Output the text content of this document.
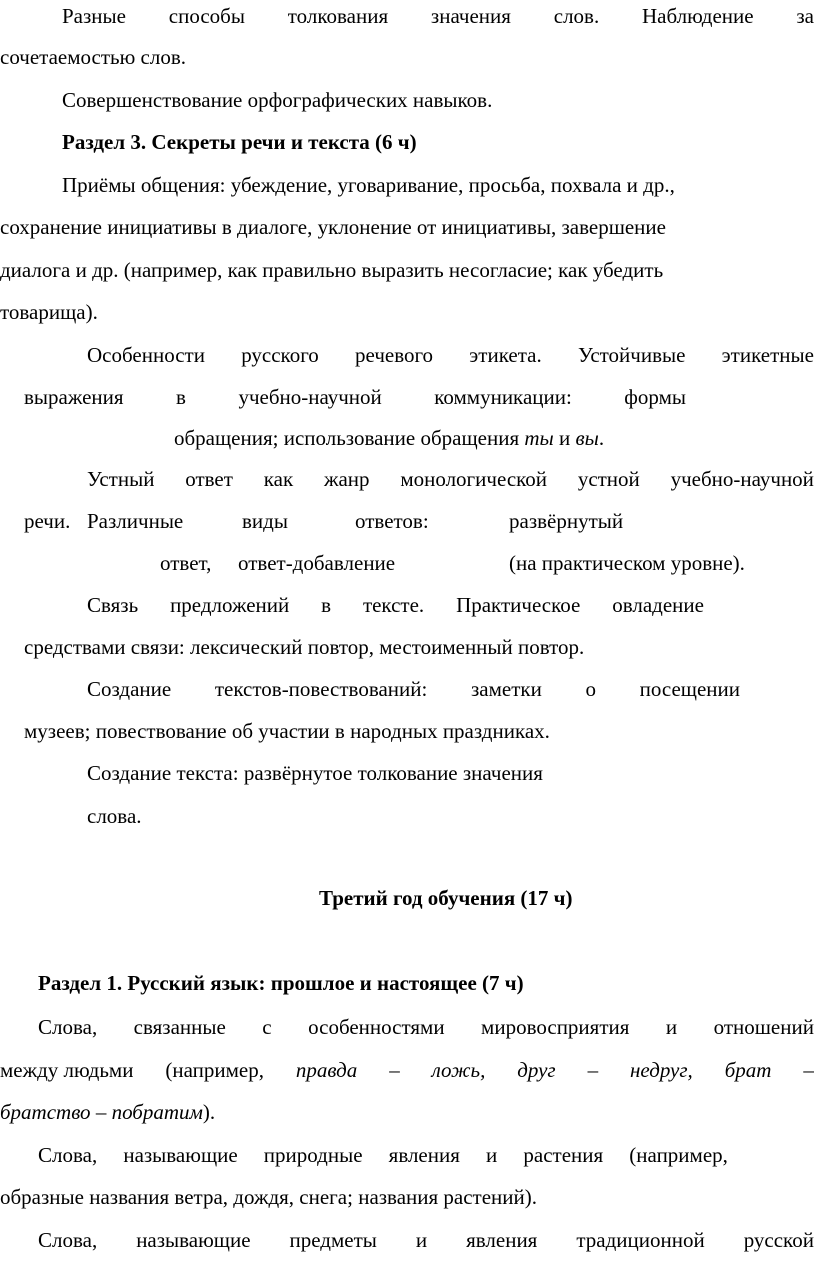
Разные способы толкования значения слов. Наблюдение за
сочетаемостью слов.
Совершенствование орфографических навыков.
Раздел 3. Секреты речи и текста (6 ч)
Приёмы общения: убеждение, уговаривание, просьба, похвала и др.,
сохранение инициативы в диалоге, уклонение от инициативы, завершение
диалога и др. (например, как правильно выразить несогласие; как убедить
товарища).
Особенности русского речевого этикета. Устойчивые этикетные
выражения в учебно-научной коммуникации: формы
обращения; использование обращения ты и вы.
Устный ответ как жанр монологической устной учебно-научной
речи. Различные	виды	ответов:	развёрнутый
ответ, ответ-добавление	(на практическом уровне).
Связь предложений в тексте. Практическое овладение
средствами связи: лексический повтор, местоименный повтор.
Создание текстов-повествований: заметки о посещении
музеев; повествование об участии в народных праздниках.
Создание текста: развёрнутое толкование значения
слова.
Третий год обучения (17 ч)
Раздел 1. Русский язык: прошлое и настоящее (7 ч)
Слова, связанные с особенностями мировосприятия и отношений
между людьми (например, правда – ложь, друг – недруг, брат –
братство – побратим).
Слова, называющие природные явления и растения (например,
образные названия ветра, дождя, снега; названия растений).
Слова, называющие предметы и явления традиционной русской
